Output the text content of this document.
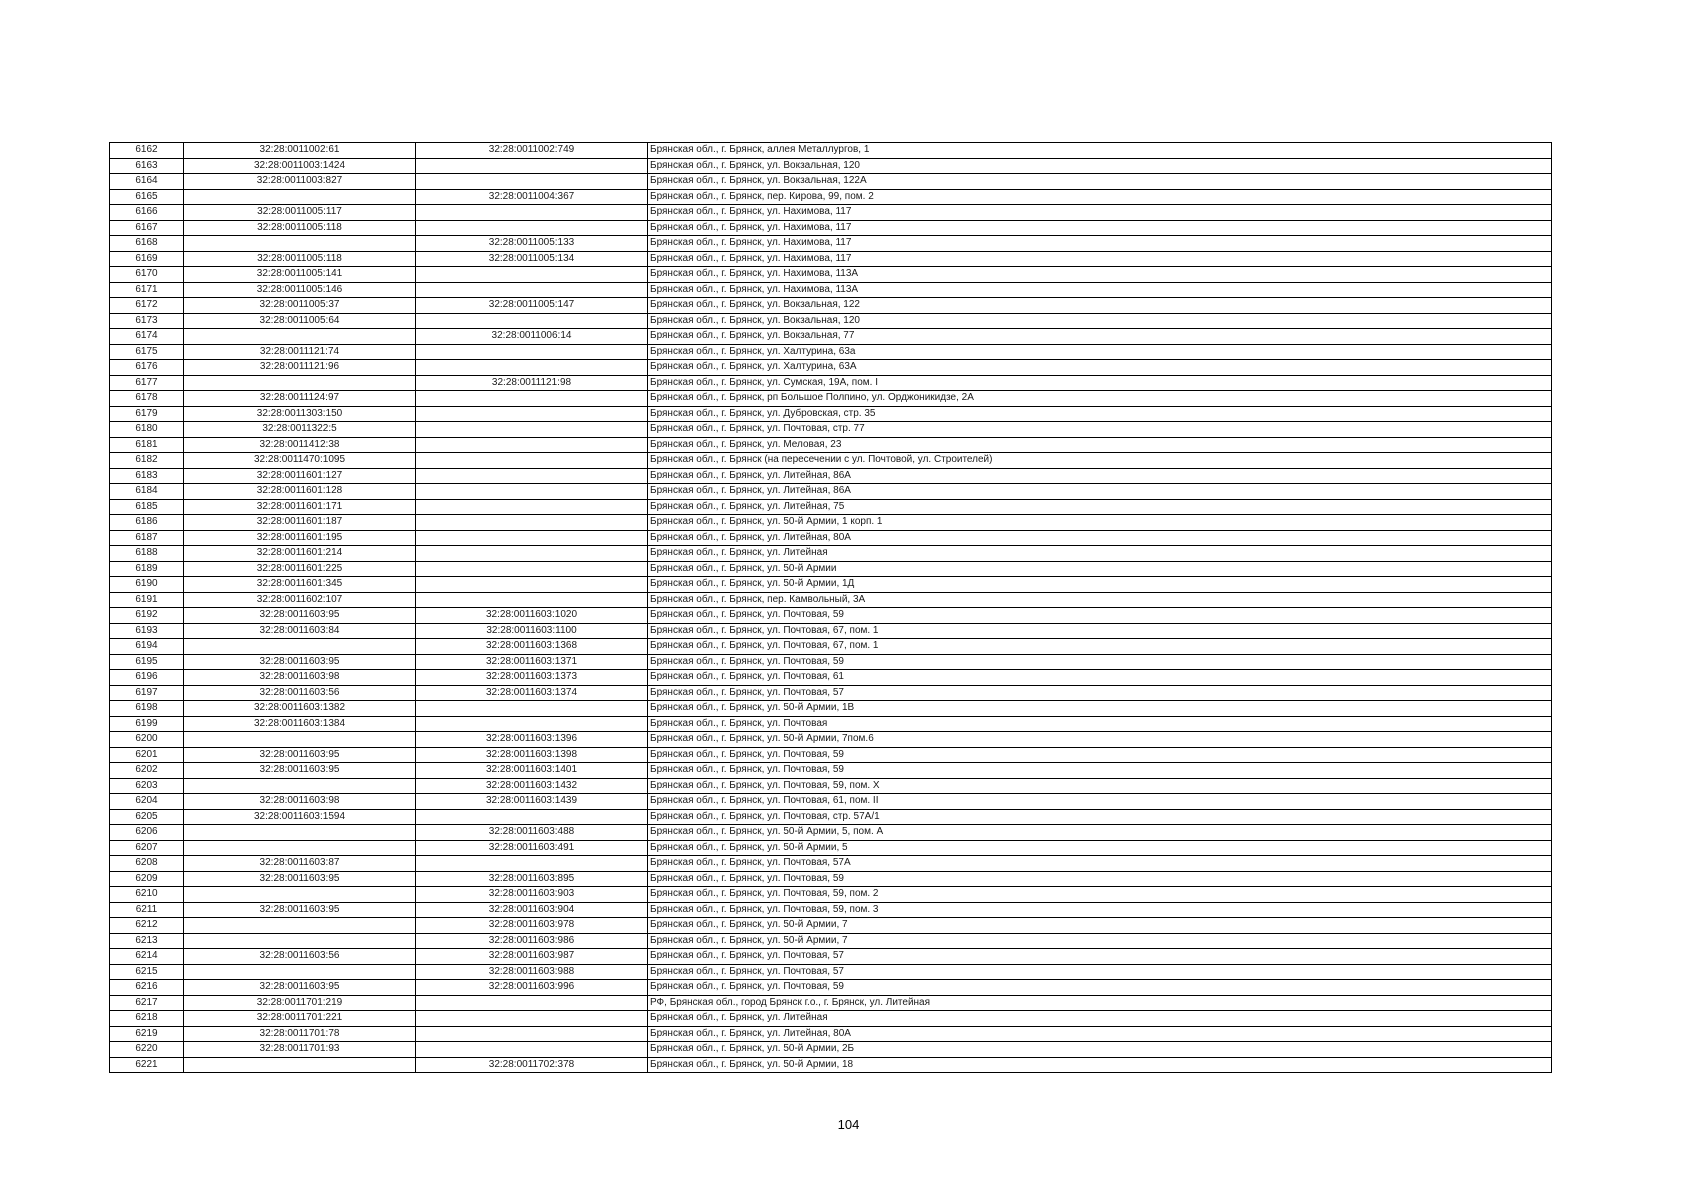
6162	32:28:0011002:61	32:28:0011002:749	Брянская обл., г. Брянск, аллея Металлургов, 1
6163	32:28:0011003:1424		Брянская обл., г. Брянск, ул. Вокзальная, 120
6164	32:28:0011003:827		Брянская обл., г. Брянск, ул. Вокзальная, 122А
6165		32:28:0011004:367	Брянская обл., г. Брянск, пер. Кирова, 99, пом. 2
6166	32:28:0011005:117		Брянская обл., г. Брянск, ул. Нахимова, 117
6167	32:28:0011005:118		Брянская обл., г. Брянск, ул. Нахимова, 117
6168		32:28:0011005:133	Брянская обл., г. Брянск, ул. Нахимова, 117
6169	32:28:0011005:118	32:28:0011005:134	Брянская обл., г. Брянск, ул. Нахимова, 117
6170	32:28:0011005:141		Брянская обл., г. Брянск, ул. Нахимова, 113А
6171	32:28:0011005:146		Брянская обл., г. Брянск, ул. Нахимова, 113А
6172	32:28:0011005:37	32:28:0011005:147	Брянская обл., г. Брянск, ул. Вокзальная, 122
6173	32:28:0011005:64		Брянская обл., г. Брянск, ул. Вокзальная, 120
6174		32:28:0011006:14	Брянская обл., г. Брянск, ул. Вокзальная, 77
6175	32:28:0011121:74		Брянская обл., г. Брянск, ул. Халтурина, 63а
6176	32:28:0011121:96		Брянская обл., г. Брянск, ул. Халтурина, 63А
6177		32:28:0011121:98	Брянская обл., г. Брянск, ул. Сумская, 19А, пом. I
6178	32:28:0011124:97		Брянская обл., г. Брянск, рп Большое Полпино, ул. Орджоникидзе, 2А
6179	32:28:0011303:150		Брянская обл., г. Брянск, ул. Дубровская, стр. 35
6180	32:28:0011322:5		Брянская обл., г. Брянск, ул. Почтовая, стр. 77
6181	32:28:0011412:38		Брянская обл., г. Брянск, ул. Меловая, 23
6182	32:28:0011470:1095		Брянская обл., г. Брянск (на пересечении с ул. Почтовой, ул. Строителей)
6183	32:28:0011601:127		Брянская обл., г. Брянск, ул. Литейная, 86А
6184	32:28:0011601:128		Брянская обл., г. Брянск, ул. Литейная, 86А
6185	32:28:0011601:171		Брянская обл., г. Брянск, ул. Литейная, 75
6186	32:28:0011601:187		Брянская обл., г. Брянск, ул. 50-й Армии, 1 корп. 1
6187	32:28:0011601:195		Брянская обл., г. Брянск, ул. Литейная, 80А
6188	32:28:0011601:214		Брянская обл., г. Брянск, ул. Литейная
6189	32:28:0011601:225		Брянская обл., г. Брянск, ул. 50-й Армии
6190	32:28:0011601:345		Брянская обл., г. Брянск, ул. 50-й Армии, 1Д
6191	32:28:0011602:107		Брянская обл., г. Брянск, пер. Камвольный, 3А
6192	32:28:0011603:95	32:28:0011603:1020	Брянская обл., г. Брянск, ул. Почтовая, 59
6193	32:28:0011603:84	32:28:0011603:1100	Брянская обл., г. Брянск, ул. Почтовая, 67, пом. 1
6194		32:28:0011603:1368	Брянская обл., г. Брянск, ул. Почтовая, 67, пом. 1
6195	32:28:0011603:95	32:28:0011603:1371	Брянская обл., г. Брянск, ул. Почтовая, 59
6196	32:28:0011603:98	32:28:0011603:1373	Брянская обл., г. Брянск, ул. Почтовая, 61
6197	32:28:0011603:56	32:28:0011603:1374	Брянская обл., г. Брянск, ул. Почтовая, 57
6198	32:28:0011603:1382		Брянская обл., г. Брянск, ул. 50-й Армии, 1В
6199	32:28:0011603:1384		Брянская обл., г. Брянск, ул. Почтовая
6200		32:28:0011603:1396	Брянская обл., г. Брянск, ул. 50-й Армии, 7пом.6
6201	32:28:0011603:95	32:28:0011603:1398	Брянская обл., г. Брянск, ул. Почтовая, 59
6202	32:28:0011603:95	32:28:0011603:1401	Брянская обл., г. Брянск, ул. Почтовая, 59
6203		32:28:0011603:1432	Брянская обл., г. Брянск, ул. Почтовая, 59, пом. X
6204	32:28:0011603:98	32:28:0011603:1439	Брянская обл., г. Брянск, ул. Почтовая, 61, пом. II
6205	32:28:0011603:1594		Брянская обл., г. Брянск, ул. Почтовая, стр. 57А/1
6206		32:28:0011603:488	Брянская обл., г. Брянск, ул. 50-й Армии, 5, пом. А
6207		32:28:0011603:491	Брянская обл., г. Брянск, ул. 50-й Армии, 5
6208	32:28:0011603:87		Брянская обл., г. Брянск, ул. Почтовая, 57А
6209	32:28:0011603:95	32:28:0011603:895	Брянская обл., г. Брянск, ул. Почтовая, 59
6210		32:28:0011603:903	Брянская обл., г. Брянск, ул. Почтовая, 59, пом. 2
6211	32:28:0011603:95	32:28:0011603:904	Брянская обл., г. Брянск, ул. Почтовая, 59, пом. 3
6212		32:28:0011603:978	Брянская обл., г. Брянск, ул. 50-й Армии, 7
6213		32:28:0011603:986	Брянская обл., г. Брянск, ул. 50-й Армии, 7
6214	32:28:0011603:56	32:28:0011603:987	Брянская обл., г. Брянск, ул. Почтовая, 57
6215		32:28:0011603:988	Брянская обл., г. Брянск, ул. Почтовая, 57
6216	32:28:0011603:95	32:28:0011603:996	Брянская обл., г. Брянск, ул. Почтовая, 59
6217	32:28:0011701:219		РФ, Брянская обл., город Брянск г.о., г. Брянск, ул. Литейная
6218	32:28:0011701:221		Брянская обл., г. Брянск, ул. Литейная
6219	32:28:0011701:78		Брянская обл., г. Брянск, ул. Литейная, 80А
6220	32:28:0011701:93		Брянская обл., г. Брянск, ул. 50-й Армии, 2Б
6221		32:28:0011702:378	Брянская обл., г. Брянск, ул. 50-й Армии, 18
104
